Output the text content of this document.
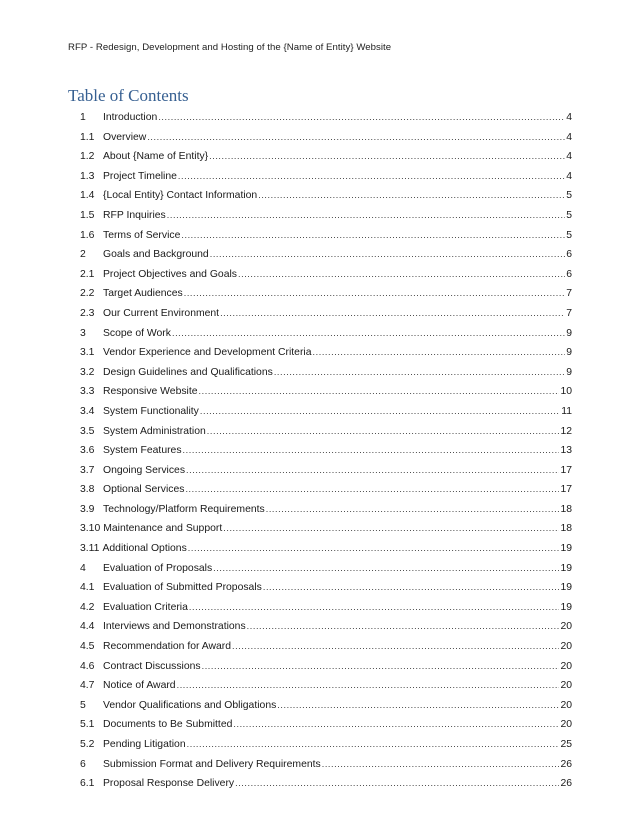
RFP - Redesign, Development and Hosting of the {Name of Entity} Website
Table of Contents
1	Introduction .....	4
1.1 Overview .....	4
1.2 About {Name of Entity} .....	4
1.3 Project Timeline .....	4
1.4 {Local Entity} Contact Information .....	5
1.5 RFP Inquiries .....	5
1.6 Terms of Service .....	5
2	Goals and Background .....	6
2.1 Project Objectives and Goals .....	6
2.2 Target Audiences .....	7
2.3 Our Current Environment .....	7
3	Scope of Work .....	9
3.1 Vendor Experience and Development Criteria .....	9
3.2 Design Guidelines and Qualifications .....	9
3.3 Responsive Website .....	10
3.4 System Functionality .....	11
3.5 System Administration .....	12
3.6 System Features .....	13
3.7 Ongoing Services .....	17
3.8 Optional Services .....	17
3.9 Technology/Platform Requirements .....	18
3.10 Maintenance and Support .....	18
3.11 Additional Options .....	19
4	Evaluation of Proposals .....	19
4.1 Evaluation of Submitted Proposals .....	19
4.2 Evaluation Criteria .....	19
4.4 Interviews and Demonstrations .....	20
4.5 Recommendation for Award .....	20
4.6 Contract Discussions .....	20
4.7 Notice of Award .....	20
5	Vendor Qualifications and Obligations .....	20
5.1 Documents to Be Submitted .....	20
5.2 Pending Litigation .....	25
6	Submission Format and Delivery Requirements .....	26
6.1 Proposal Response Delivery .....	26
